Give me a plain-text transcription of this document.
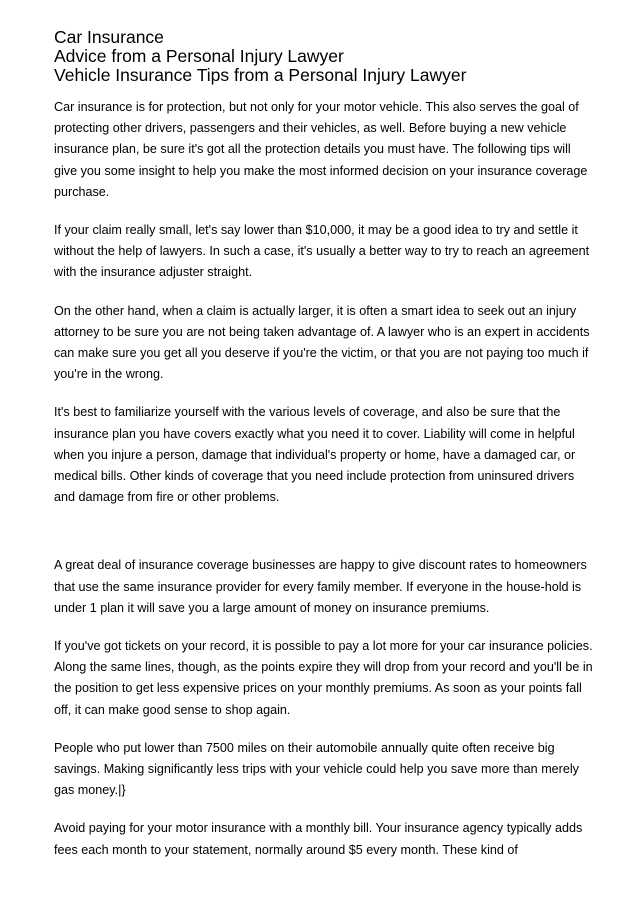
Car Insurance
Advice from a Personal Injury Lawyer
Vehicle Insurance Tips from a Personal Injury Lawyer

Car insurance is for protection, but not only for your motor vehicle. This also serves the goal of protecting other drivers, passengers and their vehicles, as well. Before buying a new vehicle insurance plan, be sure it's got all the protection details you must have. The following tips will give you some insight to help you make the most informed decision on your insurance coverage purchase.

If your claim really small, let's say lower than $10,000, it may be a good idea to try and settle it without the help of lawyers. In such a case, it's usually a better way to try to reach an agreement with the insurance adjuster straight.

On the other hand, when a claim is actually larger, it is often a smart idea to seek out an injury attorney to be sure you are not being taken advantage of. A lawyer who is an expert in accidents can make sure you get all you deserve if you're the victim, or that you are not paying too much if you're in the wrong.

It's best to familiarize yourself with the various levels of coverage, and also be sure that the insurance plan you have covers exactly what you need it to cover. Liability will come in helpful when you injure a person, damage that individual's property or home, have a damaged car, or medical bills. Other kinds of coverage that you need include protection from uninsured drivers and damage from fire or other problems.

A great deal of insurance coverage businesses are happy to give discount rates to homeowners that use the same insurance provider for every family member. If everyone in the house-hold is under 1 plan it will save you a large amount of money on insurance premiums.

If you've got tickets on your record, it is possible to pay a lot more for your car insurance policies. Along the same lines, though, as the points expire they will drop from your record and you'll be in the position to get less expensive prices on your monthly premiums. As soon as your points fall off, it can make good sense to shop again.

People who put lower than 7500 miles on their automobile annually quite often receive big savings. Making significantly less trips with your vehicle could help you save more than merely gas money.|}

Avoid paying for your motor insurance with a monthly bill. Your insurance agency typically adds fees each month to your statement, normally around $5 every month. These kind of
